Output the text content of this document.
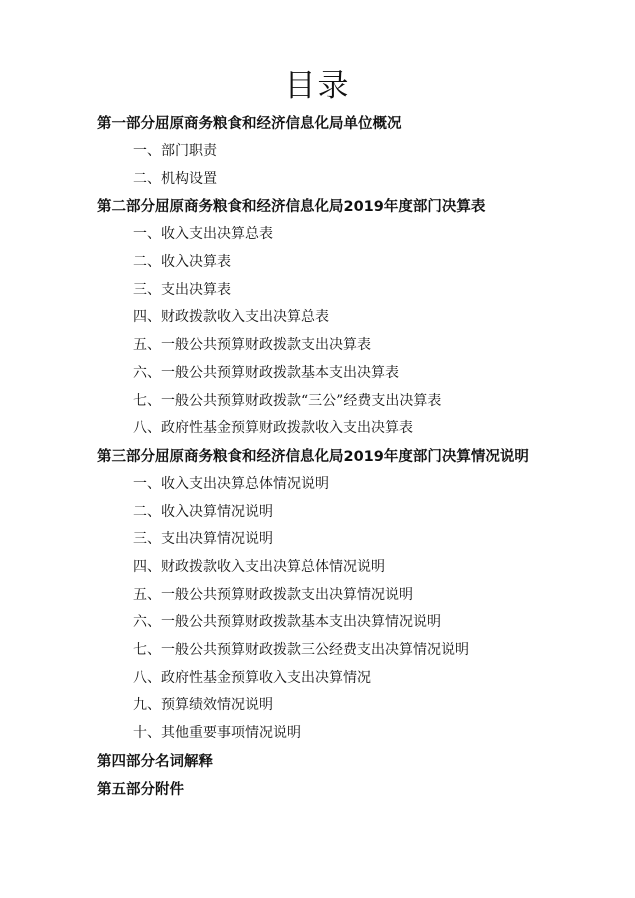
目录
第一部分屈原商务粮食和经济信息化局单位概况
一、部门职责
二、机构设置
第二部分屈原商务粮食和经济信息化局2019年度部门决算表
一、收入支出决算总表
二、收入决算表
三、支出决算表
四、财政拨款收入支出决算总表
五、一般公共预算财政拨款支出决算表
六、一般公共预算财政拨款基本支出决算表
七、一般公共预算财政拨款“三公”经费支出决算表
八、政府性基金预算财政拨款收入支出决算表
第三部分屈原商务粮食和经济信息化局2019年度部门决算情况说明
一、收入支出决算总体情况说明
二、收入决算情况说明
三、支出决算情况说明
四、财政拨款收入支出决算总体情况说明
五、一般公共预算财政拨款支出决算情况说明
六、一般公共预算财政拨款基本支出决算情况说明
七、一般公共预算财政拨款三公经费支出决算情况说明
八、政府性基金预算收入支出决算情况
九、预算绩效情况说明
十、其他重要事项情况说明
第四部分名词解释
第五部分附件
